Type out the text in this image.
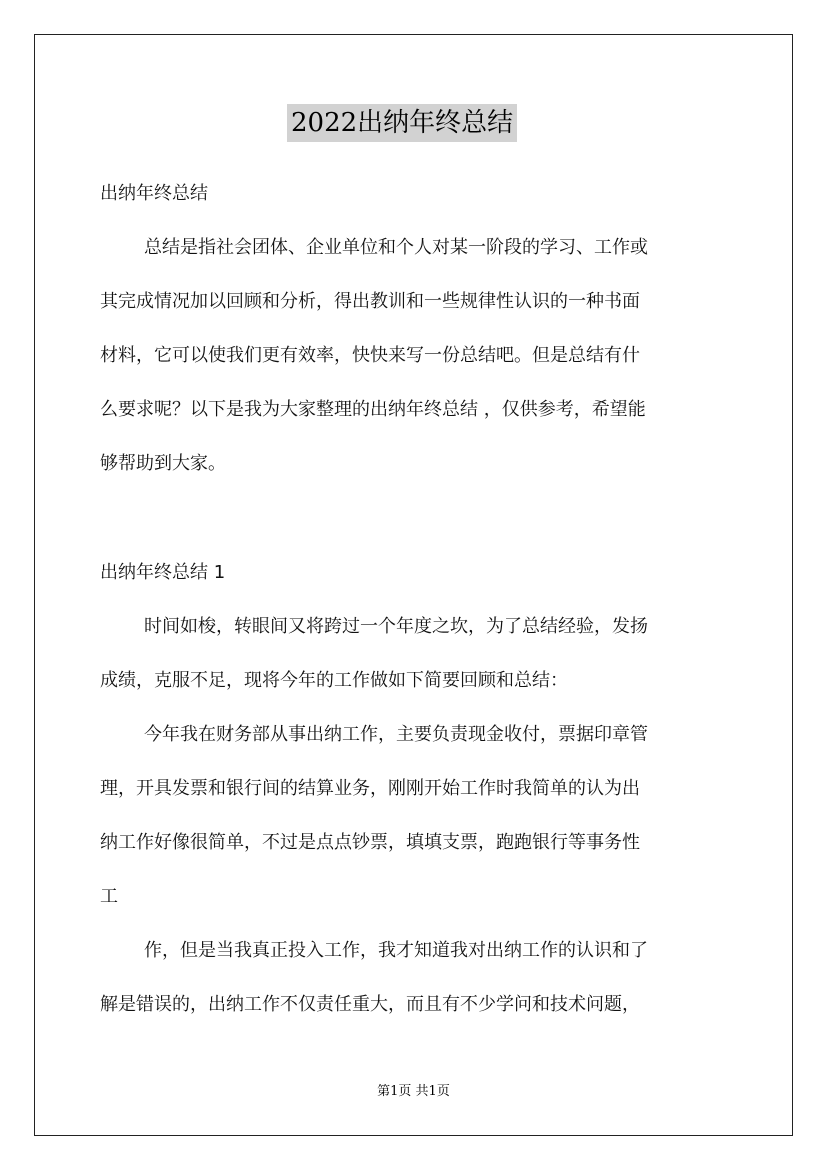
2022出纳年终总结
出纳年终总结
总结是指社会团体、企业单位和个人对某一阶段的学习、工作或
其完成情况加以回顾和分析，得出教训和一些规律性认识的一种书面
材料，它可以使我们更有效率，快快来写一份总结吧。但是总结有什
么要求呢？以下是我为大家整理的出纳年终总结 ，仅供参考，希望能
够帮助到大家。
出纳年终总结 1
时间如梭，转眼间又将跨过一个年度之坎，为了总结经验，发扬
成绩，克服不足，现将今年的工作做如下简要回顾和总结：
今年我在财务部从事出纳工作，主要负责现金收付，票据印章管
理，开具发票和银行间的结算业务，刚刚开始工作时我简单的认为出
纳工作好像很简单，不过是点点钞票，填填支票，跑跑银行等事务性
工
作，但是当我真正投入工作，我才知道我对出纳工作的认识和了
解是错误的，出纳工作不仅责任重大，而且有不少学问和技术问题，
第1页 共1页
